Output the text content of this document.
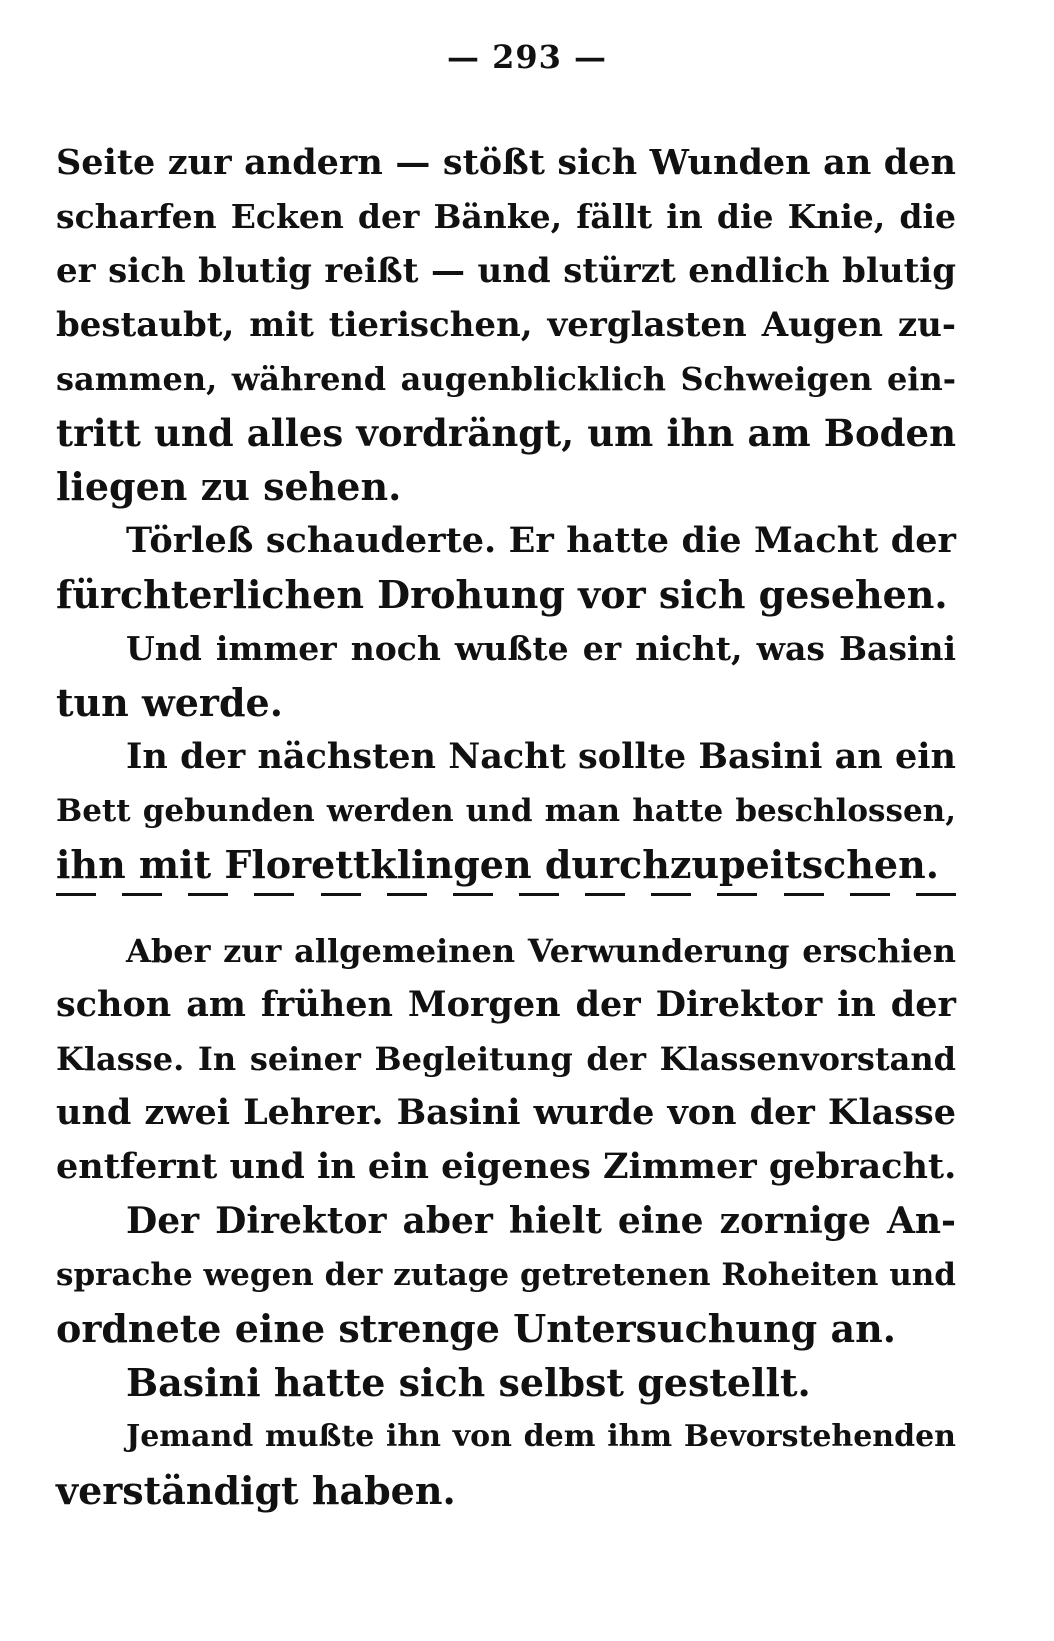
— 293 —
Seite zur andern — stößt sich Wunden an den
scharfen Ecken der Bänke, fällt in die Knie, die
er sich blutig reißt — und stürzt endlich blutig
bestaubt, mit tierischen, verglasten Augen zu-
sammen, während augenblicklich Schweigen ein-
tritt und alles vordrängt, um ihn am Boden
liegen zu sehen.
Törleß schauderte. Er hatte die Macht der
fürchterlichen Drohung vor sich gesehen.
Und immer noch wußte er nicht, was Basini
tun werde.
In der nächsten Nacht sollte Basini an ein
Bett gebunden werden und man hatte beschlossen,
ihn mit Florettklingen durchzupeitschen.
Aber zur allgemeinen Verwunderung erschien
schon am frühen Morgen der Direktor in der
Klasse. In seiner Begleitung der Klassenvorstand
und zwei Lehrer. Basini wurde von der Klasse
entfernt und in ein eigenes Zimmer gebracht.
Der Direktor aber hielt eine zornige An-
sprache wegen der zutage getretenen Roheiten und
ordnete eine strenge Untersuchung an.
Basini hatte sich selbst gestellt.
Jemand mußte ihn von dem ihm Bevorstehenden
verständigt haben.
